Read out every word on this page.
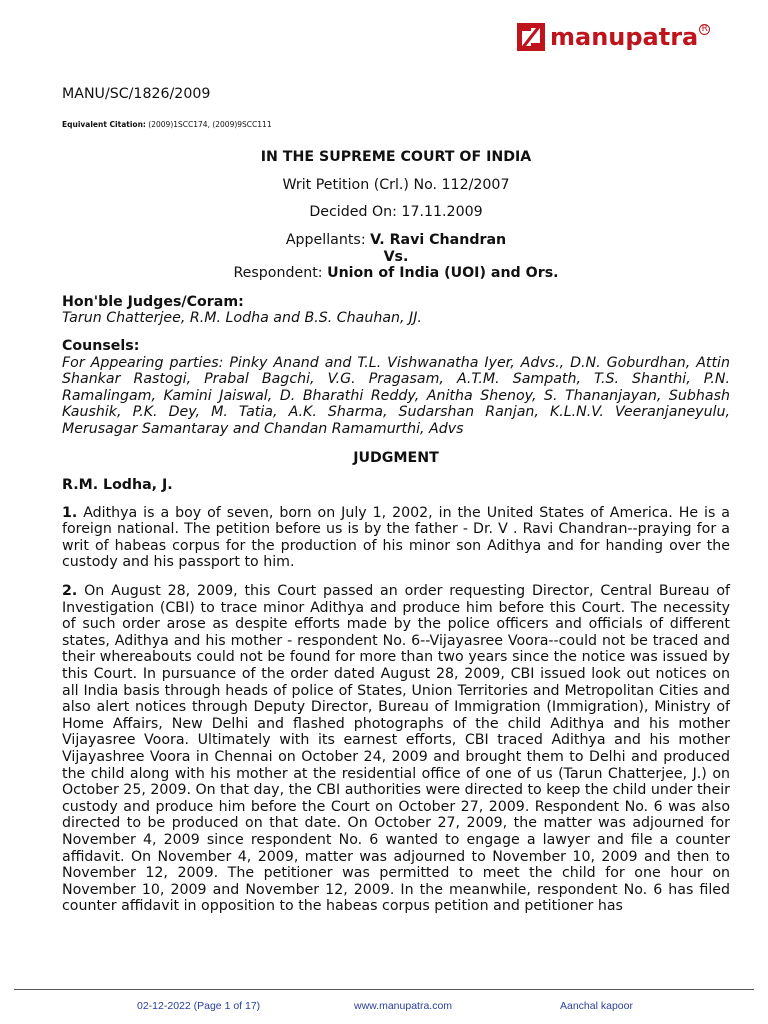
manupatra R
MANU/SC/1826/2009
Equivalent Citation: (2009)1SCC174, (2009)9SCC111
IN THE SUPREME COURT OF INDIA
Writ Petition (Crl.) No. 112/2007
Decided On: 17.11.2009
Appellants: V. Ravi Chandran
Vs.
Respondent: Union of India (UOI) and Ors.
Hon'ble Judges/Coram:
Tarun Chatterjee, R.M. Lodha and B.S. Chauhan, JJ.
Counsels:
For Appearing parties: Pinky Anand and T.L. Vishwanatha Iyer, Advs., D.N. Goburdhan, Attin Shankar Rastogi, Prabal Bagchi, V.G. Pragasam, A.T.M. Sampath, T.S. Shanthi, P.N. Ramalingam, Kamini Jaiswal, D. Bharathi Reddy, Anitha Shenoy, S. Thananjayan, Subhash Kaushik, P.K. Dey, M. Tatia, A.K. Sharma, Sudarshan Ranjan, K.L.N.V. Veeranjaneyulu, Merusagar Samantaray and Chandan Ramamurthi, Advs
JUDGMENT
R.M. Lodha, J.
1. Adithya is a boy of seven, born on July 1, 2002, in the United States of America. He is a foreign national. The petition before us is by the father - Dr. V . Ravi Chandran--praying for a writ of habeas corpus for the production of his minor son Adithya and for handing over the custody and his passport to him.
2. On August 28, 2009, this Court passed an order requesting Director, Central Bureau of Investigation (CBI) to trace minor Adithya and produce him before this Court. The necessity of such order arose as despite efforts made by the police officers and officials of different states, Adithya and his mother - respondent No. 6--Vijayasree Voora--could not be traced and their whereabouts could not be found for more than two years since the notice was issued by this Court. In pursuance of the order dated August 28, 2009, CBI issued look out notices on all India basis through heads of police of States, Union Territories and Metropolitan Cities and also alert notices through Deputy Director, Bureau of Immigration (Immigration), Ministry of Home Affairs, New Delhi and flashed photographs of the child Adithya and his mother Vijayasree Voora. Ultimately with its earnest efforts, CBI traced Adithya and his mother Vijayashree Voora in Chennai on October 24, 2009 and brought them to Delhi and produced the child along with his mother at the residential office of one of us (Tarun Chatterjee, J.) on October 25, 2009. On that day, the CBI authorities were directed to keep the child under their custody and produce him before the Court on October 27, 2009. Respondent No. 6 was also directed to be produced on that date. On October 27, 2009, the matter was adjourned for November 4, 2009 since respondent No. 6 wanted to engage a lawyer and file a counter affidavit. On November 4, 2009, matter was adjourned to November 10, 2009 and then to November 12, 2009. The petitioner was permitted to meet the child for one hour on November 10, 2009 and November 12, 2009. In the meanwhile, respondent No. 6 has filed counter affidavit in opposition to the habeas corpus petition and petitioner has
02-12-2022 (Page 1 of 17)	www.manupatra.com	Aanchal kapoor
